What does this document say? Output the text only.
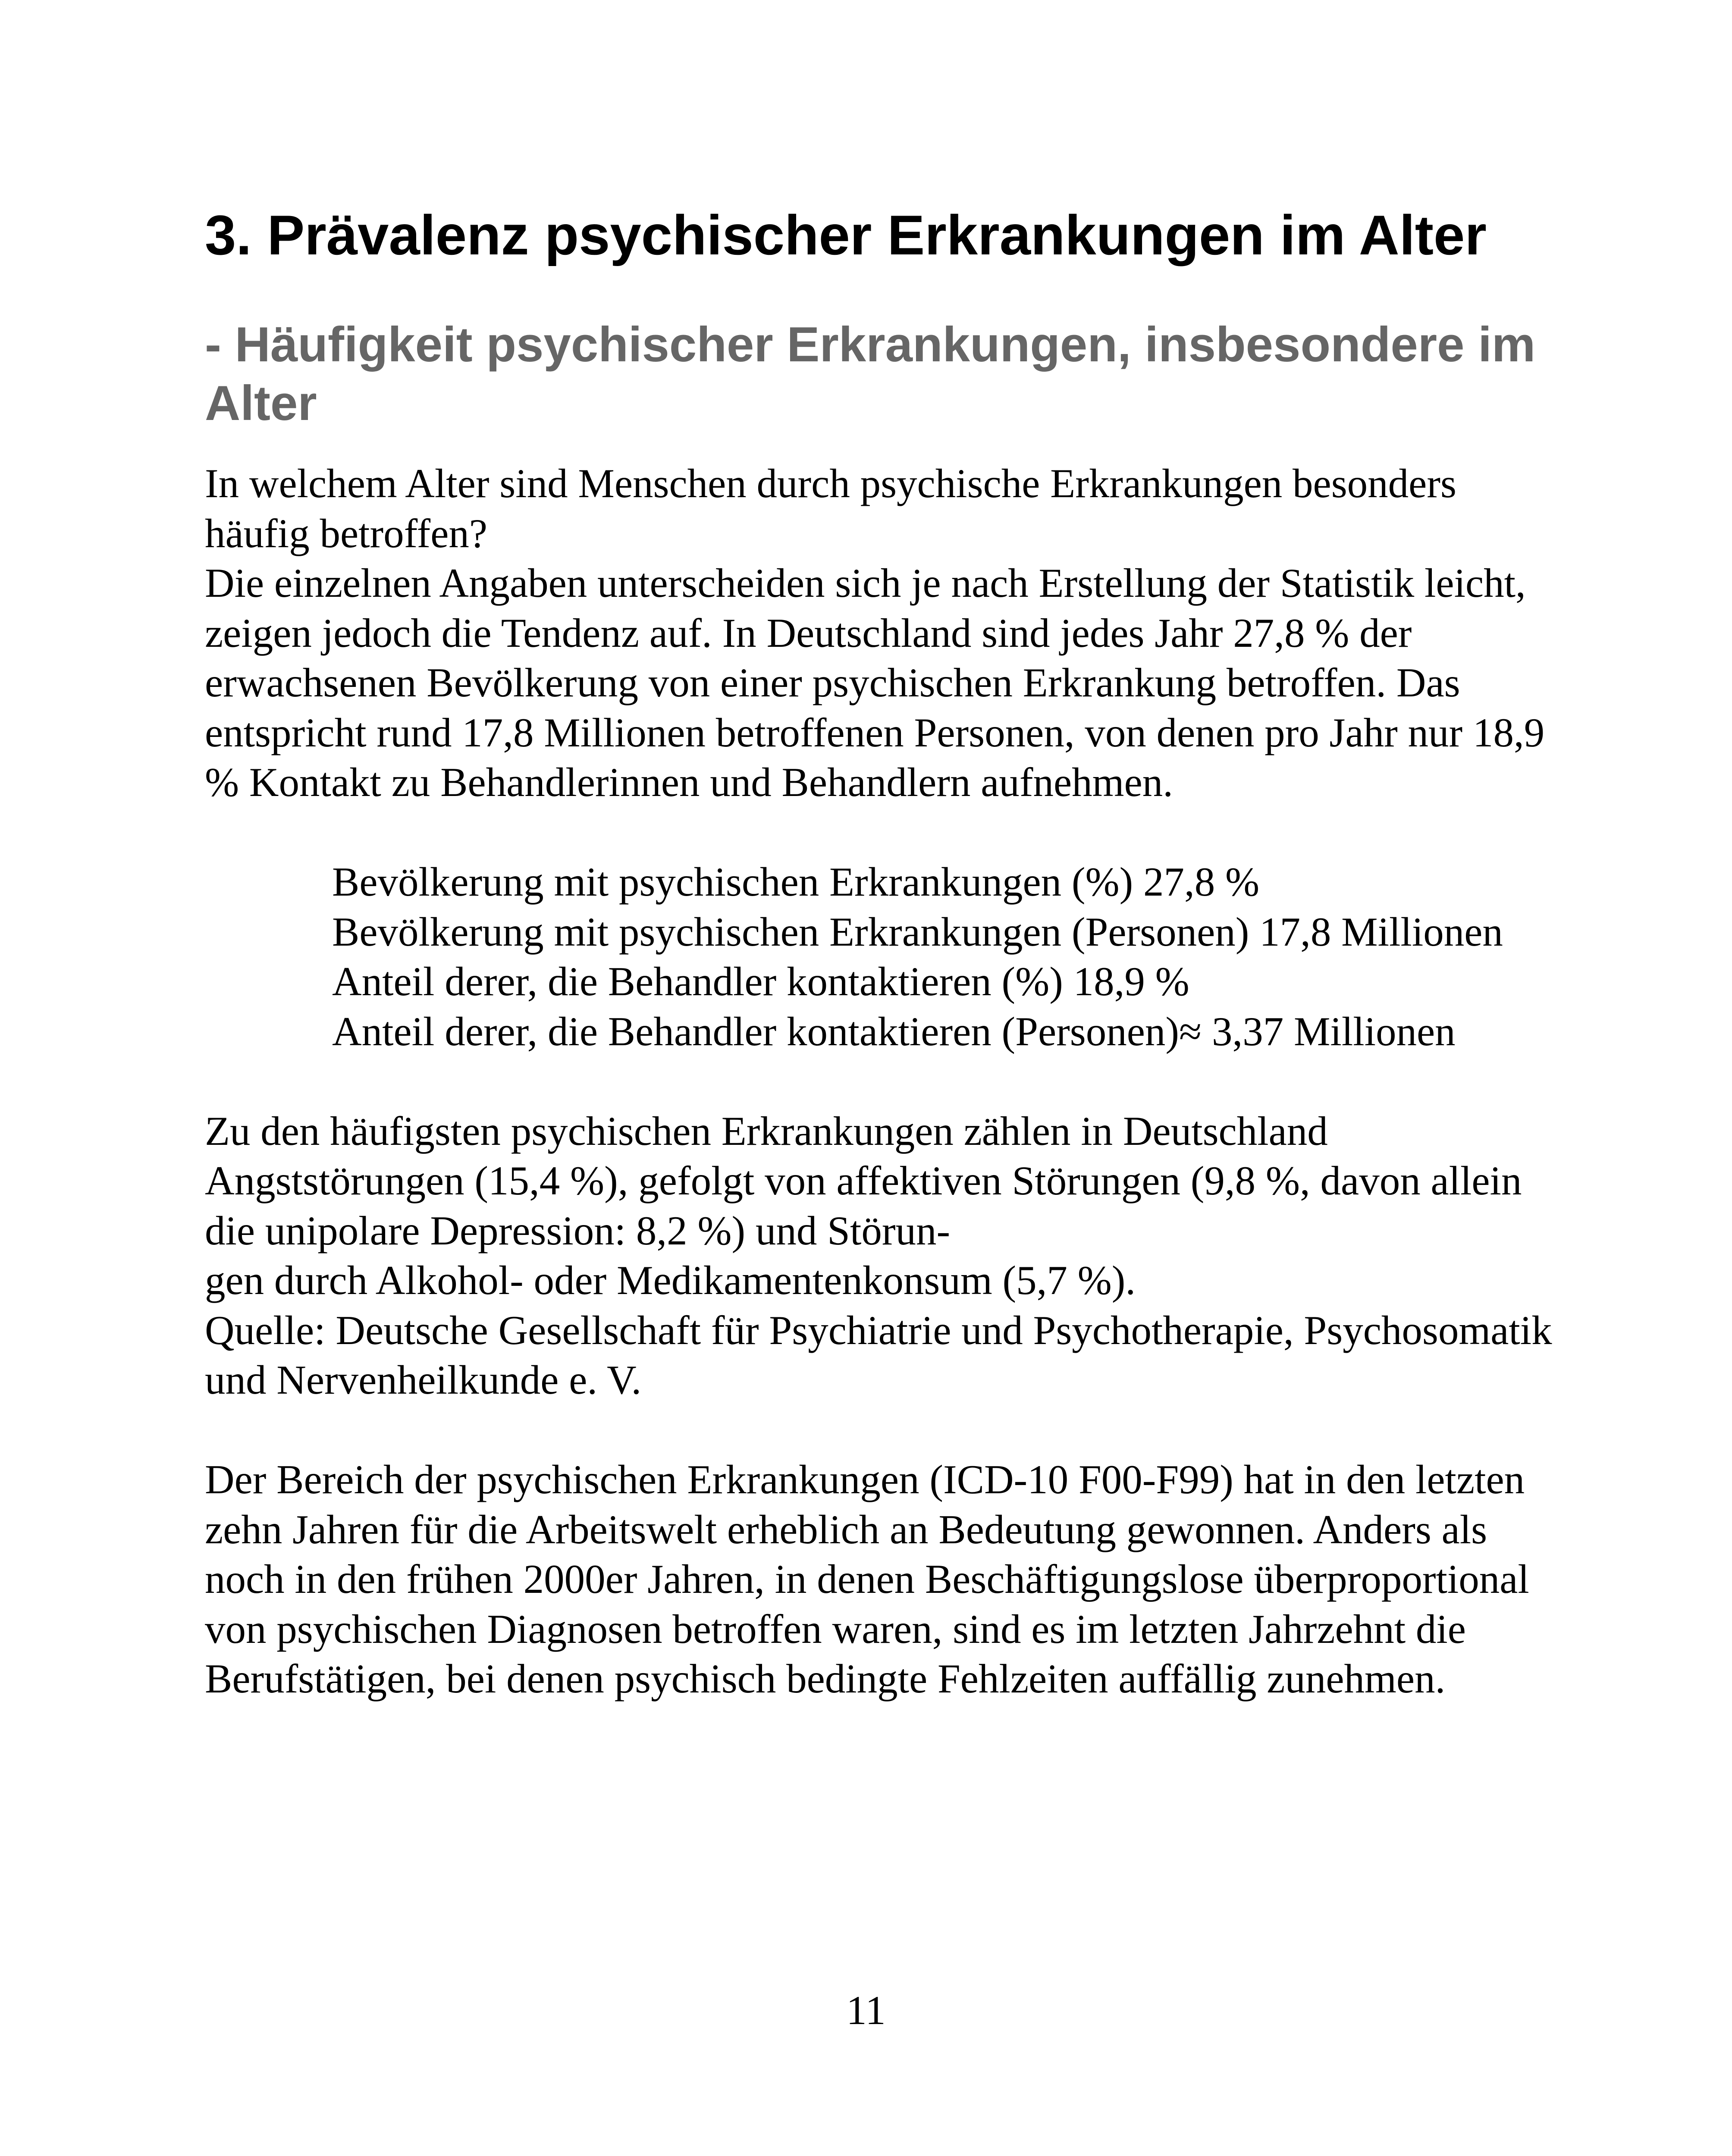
3. Prävalenz psychischer Erkrankungen im Alter
- Häufigkeit psychischer Erkrankungen, insbesondere im Alter

In welchem Alter sind Menschen durch psychische Erkrankungen besonders häufig betroffen?

Die einzelnen Angaben unterscheiden sich je nach Erstellung der Statistik leicht, zeigen jedoch die Tendenz auf. In Deutschland sind jedes Jahr 27,8 % der erwachsenen Bevölkerung von einer psychischen Erkrankung betroffen. Das entspricht rund 17,8 Millionen betroffenen Personen, von denen pro Jahr nur 18,9 % Kontakt zu Behandlerinnen und Behandlern aufnehmen.

Bevölkerung mit psychischen Erkrankungen (%) 27,8 %

Bevölkerung mit psychischen Erkrankungen (Personen) 17,8 Millionen

Anteil derer, die Behandler kontaktieren (%) 18,9 %

Anteil derer, die Behandler kontaktieren (Personen)≈ 3,37 Millionen

Zu den häufigsten psychischen Erkrankungen zählen in Deutschland Angststörungen (15,4 %), gefolgt von affektiven Störungen (9,8 %, davon allein die unipolare Depression: 8,2 %) und Störun-

gen durch Alkohol- oder Medikamentenkonsum (5,7 %).

Quelle: Deutsche Gesellschaft für Psychiatrie und Psychotherapie, Psychosomatik und Nervenheilkunde e. V.

Der Bereich der psychischen Erkrankungen (ICD-10 F00-F99) hat in den letzten zehn Jahren für die Arbeitswelt erheblich an Bedeutung gewonnen. Anders als noch in den frühen 2000er Jahren, in denen Beschäftigungslose überproportional von psychischen Diagnosen betroffen waren, sind es im letzten Jahrzehnt die Berufstätigen, bei denen psychisch bedingte Fehlzeiten auffällig zunehmen.

11
